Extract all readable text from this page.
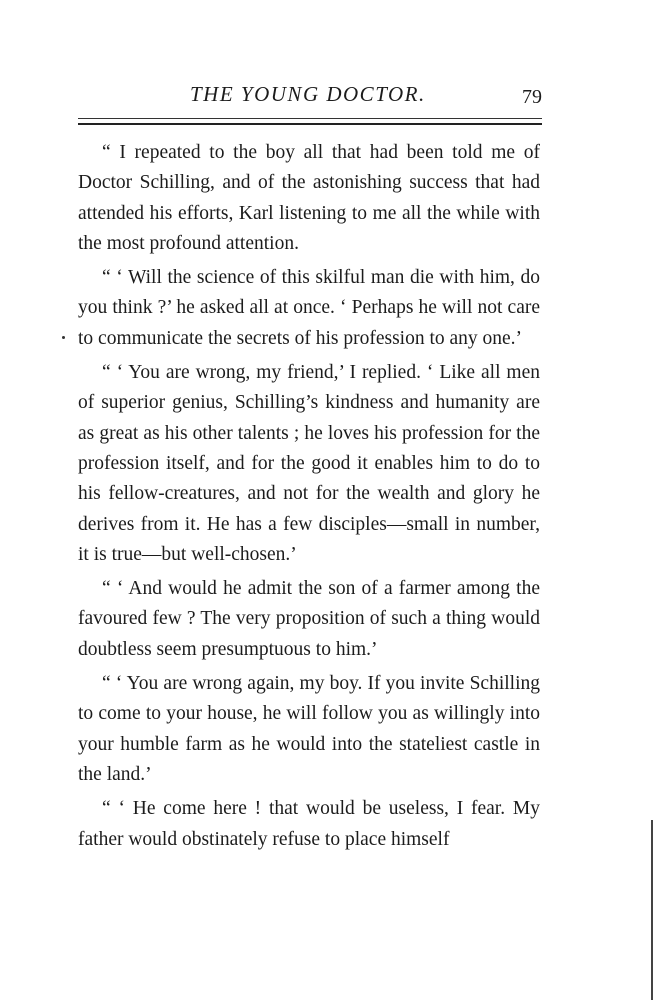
THE YOUNG DOCTOR.	79

“ I repeated to the boy all that had been told me of Doctor Schilling, and of the astonishing success that had attended his efforts, Karl listening to me all the while with the most profound attention.

“ ‘ Will the science of this skilful man die with him, do you think ?’ he asked all at once. ‘ Perhaps he will not care to communicate the secrets of his profession to any one.’

“ ‘ You are wrong, my friend,’ I replied. ‘ Like all men of superior genius, Schilling’s kindness and humanity are as great as his other talents ; he loves his profession for the profession itself, and for the good it enables him to do to his fellow-creatures, and not for the wealth and glory he derives from it. He has a few disciples—small in number, it is true—but well-chosen.’

“ ‘ And would he admit the son of a farmer among the favoured few ? The very proposition of such a thing would doubtless seem presumptuous to him.’

“ ‘ You are wrong again, my boy. If you invite Schilling to come to your house, he will follow you as willingly into your humble farm as he would into the stateliest castle in the land.’

“ ‘ He come here ! that would be useless, I fear. My father would obstinately refuse to place himself
